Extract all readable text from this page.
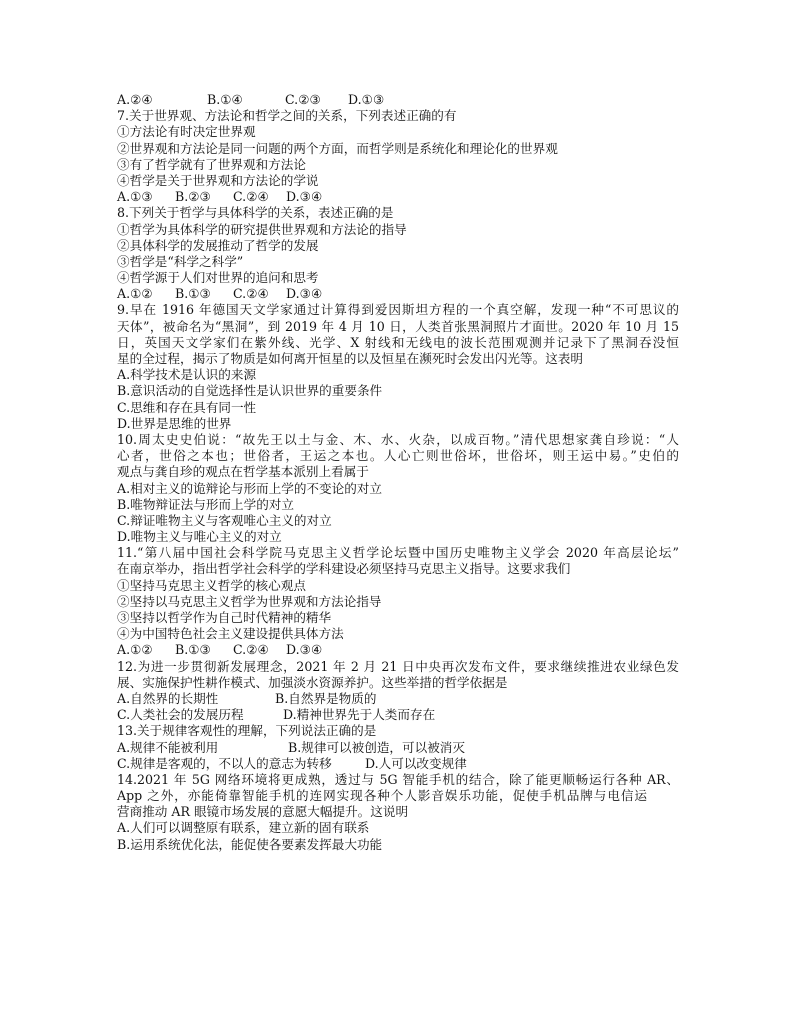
A.②④	B.①④	C.②③ D.①③
7.关于世界观、方法论和哲学之间的关系，下列表述正确的有
①方法论有时决定世界观
②世界观和方法论是同一问题的两个方面，而哲学则是系统化和理论化的世界观
③有了哲学就有了世界观和方法论
④哲学是关于世界观和方法论的学说
A.①③ B.②③ C.②④ D.③④
8.下列关于哲学与具体科学的关系，表述正确的是
①哲学为具体科学的研究提供世界观和方法论的指导
②具体科学的发展推动了哲学的发展
③哲学是“科学之科学”
④哲学源于人们对世界的追问和思考
A.①② B.①③ C.②④ D.③④
9.早在 1916 年德国天文学家通过计算得到爱因斯坦方程的一个真空解，发现一种“不可思议的
天体”，被命名为“黑洞”，到 2019 年 4 月 10 日，人类首张黑洞照片才面世。2020 年 10 月 15
日，英国天文学家们在紫外线、光学、X 射线和无线电的波长范围观测并记录下了黑洞吞没恒
星的全过程，揭示了物质是如何离开恒星的以及恒星在濒死时会发出闪光等。这表明
A.科学技术是认识的来源
B.意识活动的自觉选择性是认识世界的重要条件
C.思维和存在具有同一性
D.世界是思维的世界
10.周太史史伯说：“故先王以土与金、木、水、火杂，以成百物。”清代思想家龚自珍说：“人
心者，世俗之本也；世俗者，王运之本也。人心亡则世俗坏，世俗坏，则王运中易。”史伯的
观点与龚自珍的观点在哲学基本派别上看属于
A.相对主义的诡辩论与形而上学的不变论的对立
B.唯物辩证法与形而上学的对立
C.辩证唯物主义与客观唯心主义的对立
D.唯物主义与唯心主义的对立
11.“第八届中国社会科学院马克思主义哲学论坛暨中国历史唯物主义学会 2020 年高层论坛”
在南京举办，指出哲学社会科学的学科建设必须坚持马克思主义指导。这要求我们
①坚持马克思主义哲学的核心观点
②坚持以马克思主义哲学为世界观和方法论指导
③坚持以哲学作为自己时代精神的精华
④为中国特色社会主义建设提供具体方法
A.①② B.①③ C.②④ D.③④
12.为进一步贯彻新发展理念，2021 年 2 月 21 日中央再次发布文件，要求继续推进农业绿色发
展、实施保护性耕作模式、加强淡水资源养护。这些举措的哲学依据是
A.自然界的长期性	B.自然界是物质的
C.人类社会的发展历程	D.精神世界先于人类而存在
13.关于规律客观性的理解，下列说法正确的是
A.规律不能被利用	B.规律可以被创造，可以被消灭
C.规律是客观的，不以人的意志为转移	D.人可以改变规律
14.2021 年 5G 网络环境将更成熟，透过与 5G 智能手机的结合，除了能更顺畅运行各种 AR、
App 之外，亦能倚靠智能手机的连网实现各种个人影音娱乐功能，促使手机品牌与电信运
营商推动 AR 眼镜市场发展的意愿大幅提升。这说明
A.人们可以调整原有联系，建立新的固有联系
B.运用系统优化法，能促使各要素发挥最大功能
